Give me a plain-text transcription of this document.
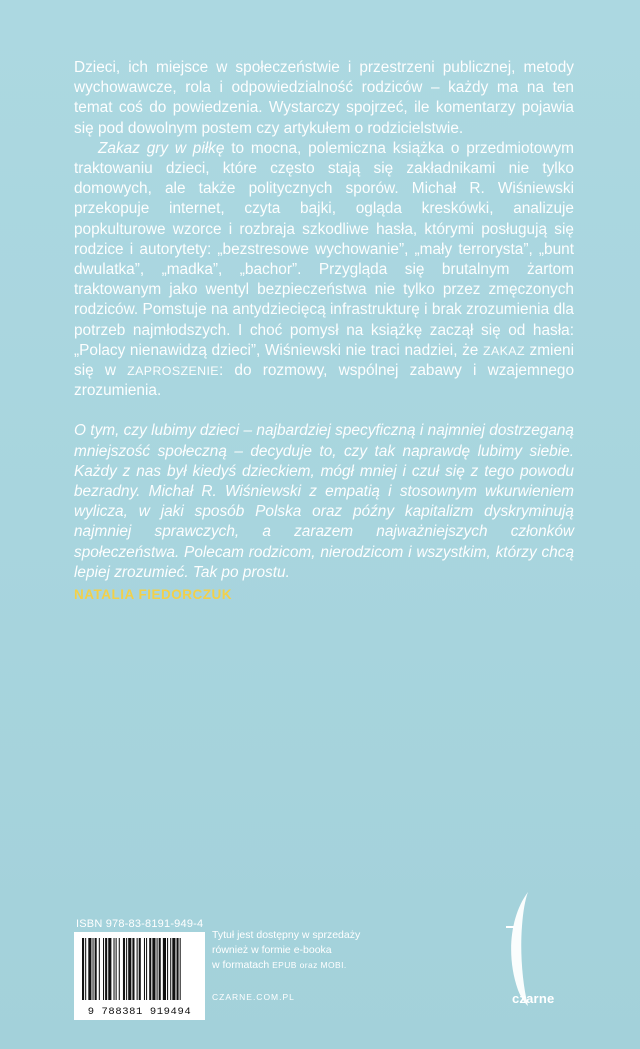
Dzieci, ich miejsce w społeczeństwie i przestrzeni publicznej, metody wychowawcze, rola i odpowiedzialność rodziców – każdy ma na ten temat coś do powiedzenia. Wystarczy spojrzeć, ile komentarzy pojawia się pod dowolnym postem czy artykułem o rodzicielstwie.

Zakaz gry w piłkę to mocna, polemiczna książka o przedmiotowym traktowaniu dzieci, które często stają się zakładnikami nie tylko domowych, ale także politycznych sporów. Michał R. Wiśniewski przekopuje internet, czyta bajki, ogląda kreskówki, analizuje popkulturowe wzorce i rozbraja szkodliwe hasła, którymi posługują się rodzice i autorytety: „bezstresowe wychowanie”, „mały terrorysta”, „bunt dwulatka”, „madka”, „bachor”. Przygląda się brutalnym żartom traktowanym jako wentyl bezpieczeństwa nie tylko przez zmęczonych rodziców. Pomstuje na antydziecięcą infrastrukturę i brak zrozumienia dla potrzeb najmłodszych. I choć pomysł na książkę zaczął się od hasła: „Polacy nienawidzą dzieci”, Wiśniewski nie traci nadziei, że ZAKAZ zmieni się w ZAPROSZENIE: do rozmowy, wspólnej zabawy i wzajemnego zrozumienia.

O tym, czy lubimy dzieci – najbardziej specyficzną i najmniej dostrzeganą mniejszość społeczną – decyduje to, czy tak naprawdę lubimy siebie. Każdy z nas był kiedyś dzieckiem, mógł mniej i czuł się z tego powodu bezradny. Michał R. Wiśniewski z empatią i stosownym wkurwieniem wylicza, w jaki sposób Polska oraz późny kapitalizm dyskryminują najmniej sprawczych, a zarazem najważniejszych członków społeczeństwa. Polecam rodzicom, nierodzicom i wszystkim, którzy chcą lepiej zrozumieć. Tak po prostu.

NATALIA FIEDORCZUK
ISBN 978-83-8191-949-4
9 788381 919494
Tytuł jest dostępny w sprzedaży
również w formie e-booka
w formatach EPUB oraz MOBI.
CZARNE.COM.PL	czarne
